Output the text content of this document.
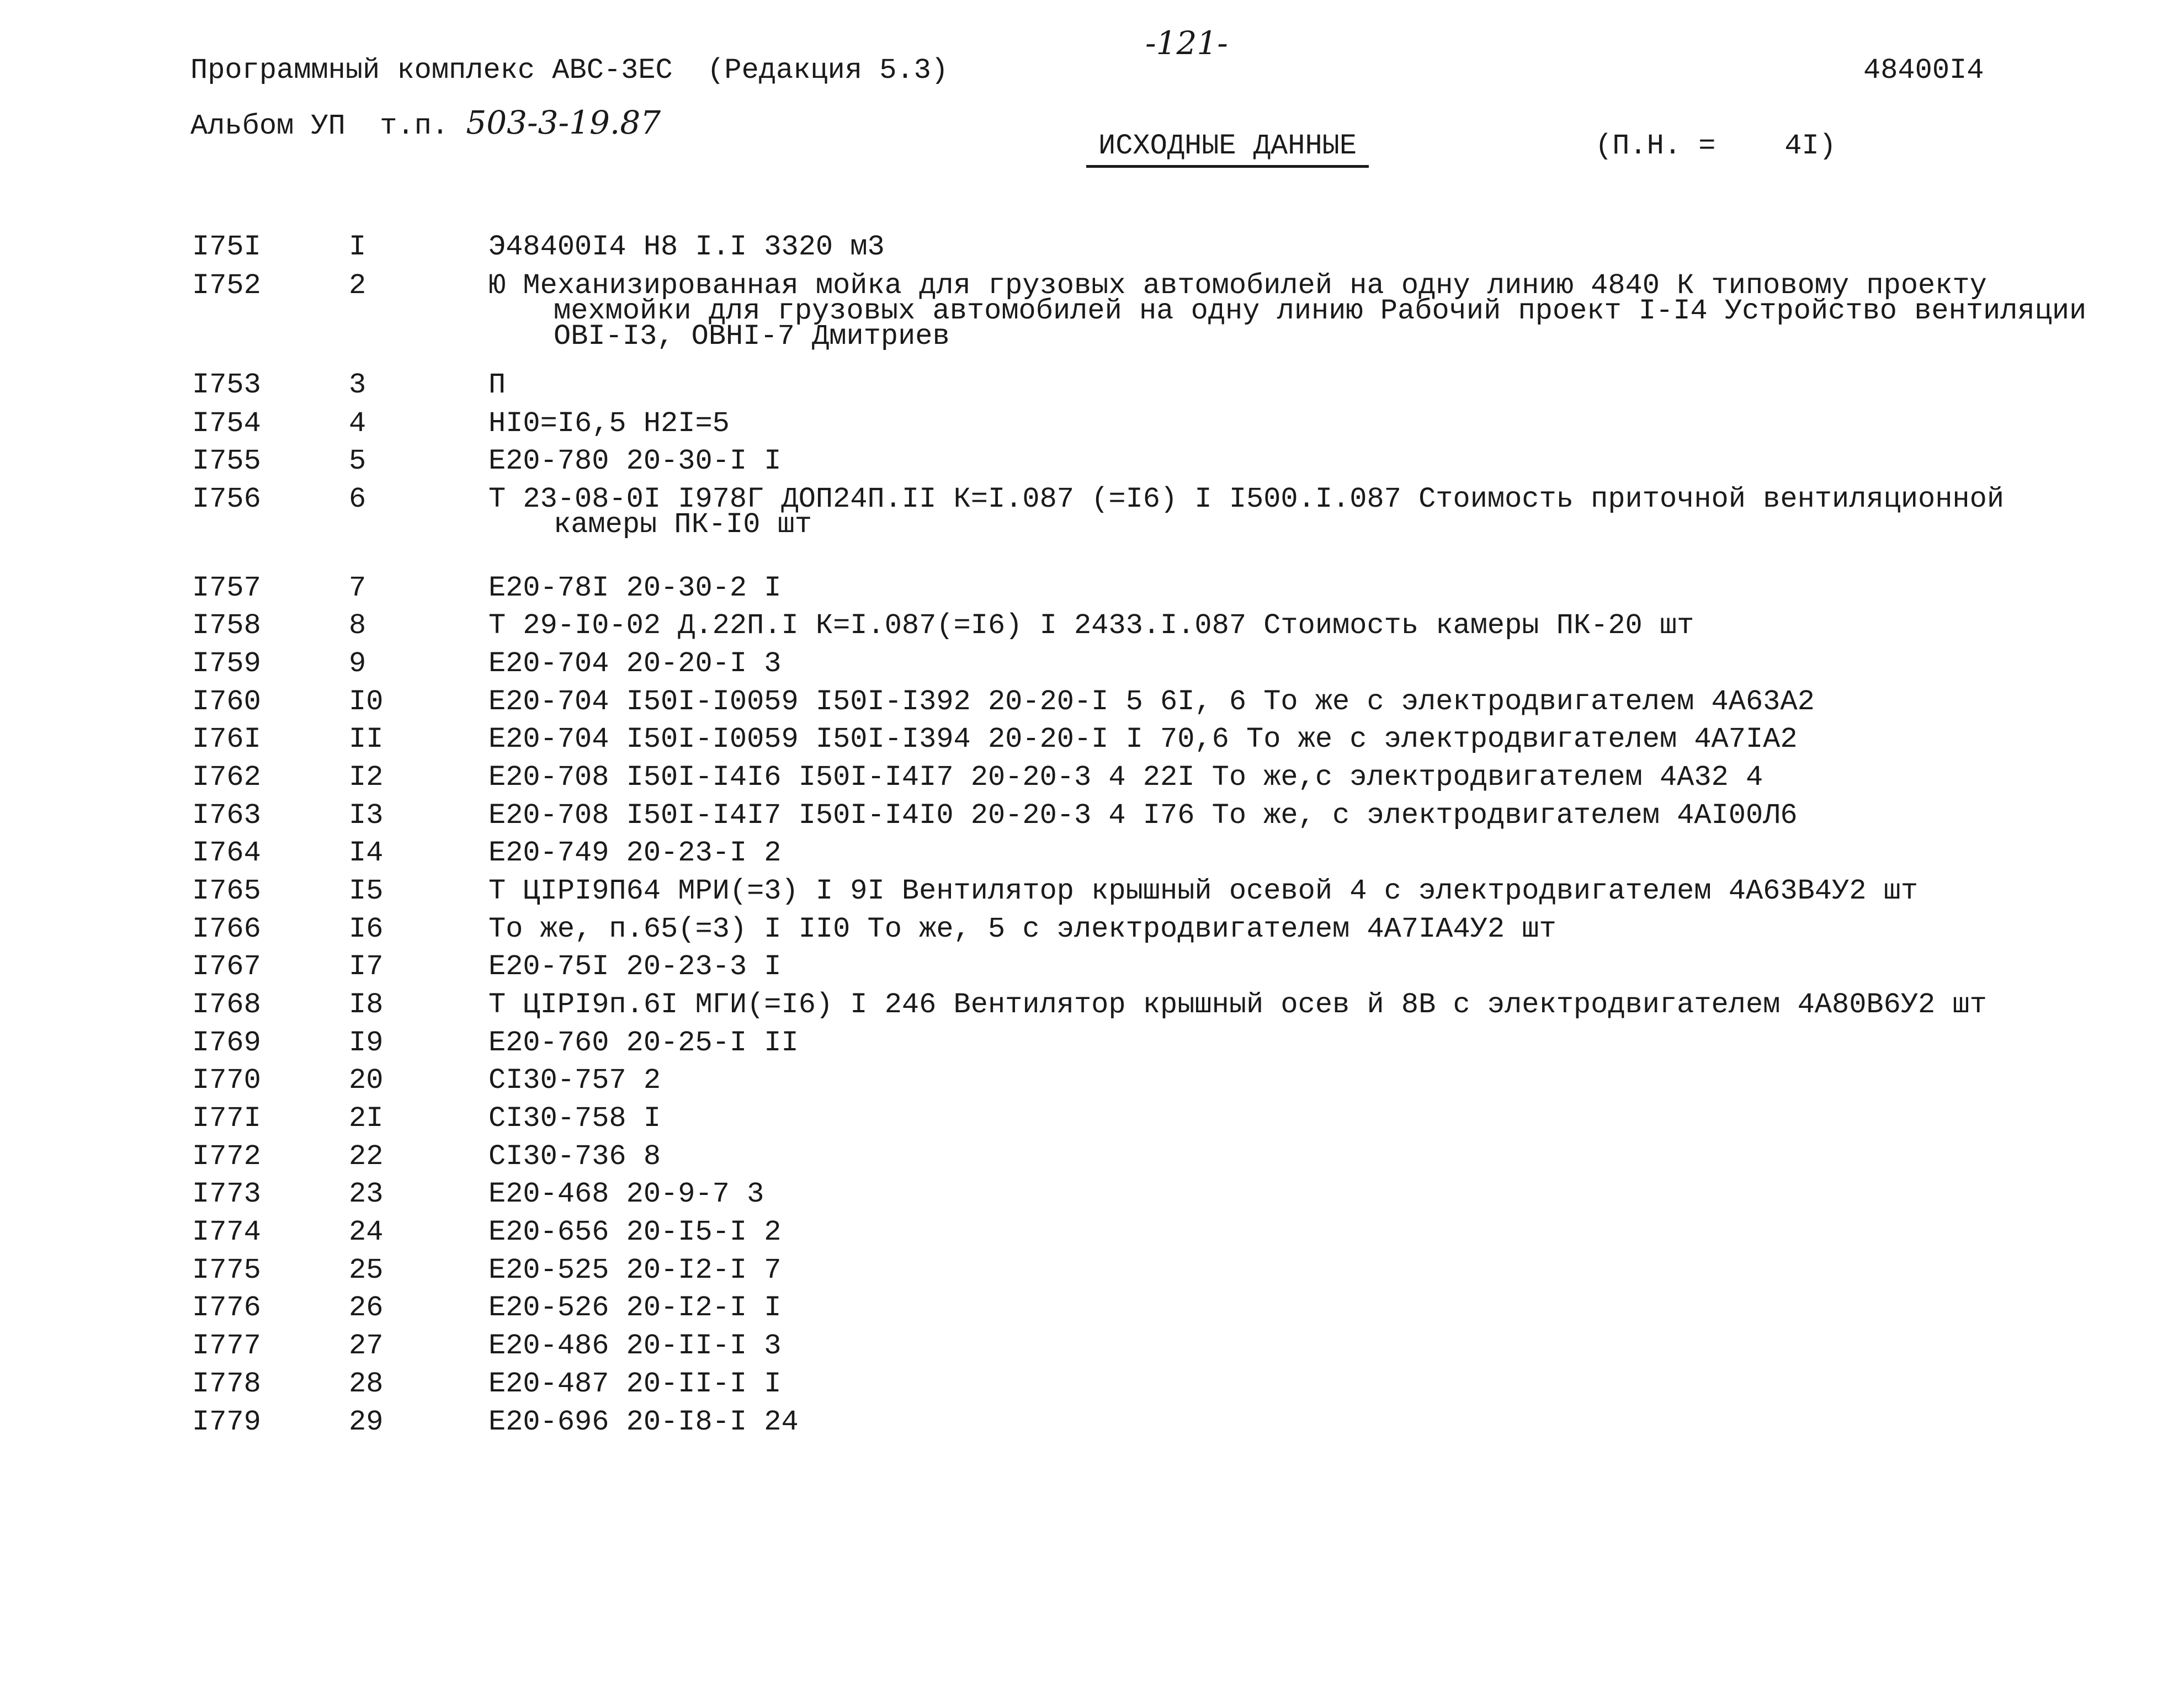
Программный комплекс АВС-3ЕС (Редакция 5.3)
-121-
48400I4
Альбом УП т.п. 503-3-19.87
ИСХОДНЫЕ ДАННЫЕ	(П.Н. = 4I)
I75I	I	Э48400I4 Н8 I.I 3320 м3
I752	2	Ю Механизированная мойка для грузовых автомобилей на одну линию 4840 К типовому проекту
мехмойки для грузовых автомобилей на одну линию Рабочий проект I-I4 Устройство вентиляции
ОВI-I3, ОВНI-7 Дмитриев
I753	3	П
I754	4	НI0=I6,5 Н2I=5
I755	5	Е20-780 20-30-I I
I756	6	Т 23-08-0I I978Г ДОП24П.II К=I.087 (=I6) I I500.I.087 Стоимость приточной вентиляционной
камеры ПК-I0 шт
I757	7	Е20-78I 20-30-2 I
I758	8	Т 29-I0-02 Д.22П.I К=I.087(=I6) I 2433.I.087 Стоимость камеры ПК-20 шт
I759	9	Е20-704 20-20-I 3
I760	I0	Е20-704 I50I-I0059 I50I-I392 20-20-I 5 6I, 6 То же с электродвигателем 4А63А2
I76I	II	Е20-704 I50I-I0059 I50I-I394 20-20-I I 70,6 То же с электродвигателем 4А7IА2
I762	I2	Е20-708 I50I-I4I6 I50I-I4I7 20-20-3 4 22I То же,с электродвигателем 4А32 4
I763	I3	Е20-708 I50I-I4I7 I50I-I4I0 20-20-3 4 I76 То же, с электродвигателем 4АI00Л6
I764	I4	Е20-749 20-23-I 2
I765	I5	Т ЦIРI9П64 МРИ(=3) I 9I Вентилятор крышный осевой 4 с электродвигателем 4А63В4У2 шт
I766	I6	То же, п.65(=3) I II0 То же, 5 с электродвигателем 4А7IА4У2 шт
I767	I7	Е20-75I 20-23-3 I
I768	I8	Т ЦIРI9п.6I МГИ(=I6) I 246 Вентилятор крышный осев й 8В с электродвигателем 4А80В6У2 шт
I769	I9	Е20-760 20-25-I II
I770	20	СI30-757 2
I77I	2I	СI30-758 I
I772	22	СI30-736 8
I773	23	Е20-468 20-9-7 3
I774	24	Е20-656 20-I5-I 2
I775	25	Е20-525 20-I2-I 7
I776	26	Е20-526 20-I2-I I
I777	27	Е20-486 20-II-I 3
I778	28	Е20-487 20-II-I I
I779	29	Е20-696 20-I8-I 24
